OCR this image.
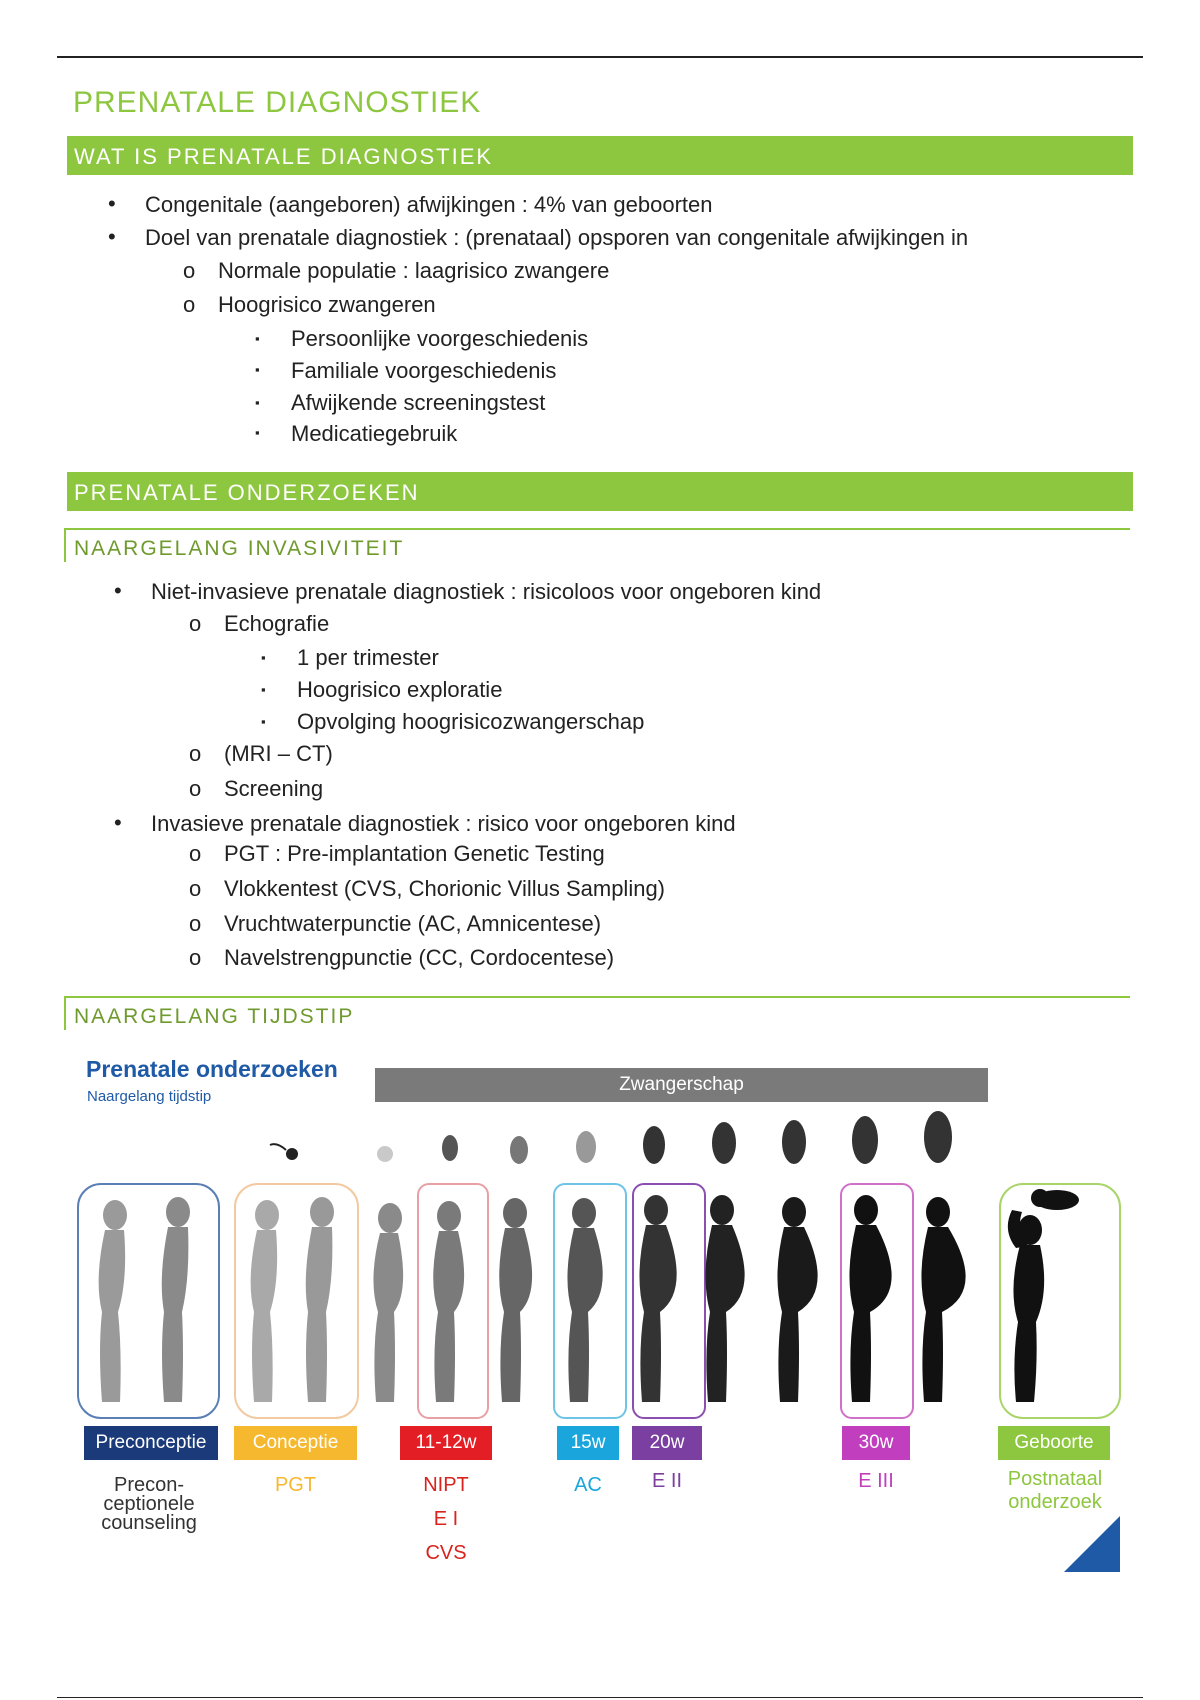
PRENATALE DIAGNOSTIEK
WAT IS PRENATALE DIAGNOSTIEK
• Congenitale (aangeboren) afwijkingen : 4% van geboorten
• Doel van prenatale diagnostiek : (prenataal) opsporen van congenitale afwijkingen in
o Normale populatie : laagrisico zwangere
o Hoogrisico zwangeren
▪ Persoonlijke voorgeschiedenis
▪ Familiale voorgeschiedenis
▪ Afwijkende screeningstest
▪ Medicatiegebruik
PRENATALE ONDERZOEKEN
NAARGELANG INVASIVITEIT
• Niet-invasieve prenatale diagnostiek : risicoloos voor ongeboren kind
o Echografie
▪ 1 per trimester
▪ Hoogrisico exploratie
▪ Opvolging hoogrisicozwangerschap
o (MRI – CT)
o Screening
• Invasieve prenatale diagnostiek : risico voor ongeboren kind
o PGT : Pre-implantation Genetic Testing
o Vlokkentest (CVS, Chorionic Villus Sampling)
o Vruchtwaterpunctie (AC, Amnicentese)
o Navelstrengpunctie (CC, Cordocentese)
NAARGELANG TIJDSTIP
Prenatale onderzoeken
Naargelang tijdstip
Zwangerschap
Preconceptie	Conceptie	11-12w	15w	20w	30w	Geboorte
Precon-
ceptionele
counseling
PGT	NIPT
E I
CVS
AC	E II	E III	Postnataal
onderzoek
